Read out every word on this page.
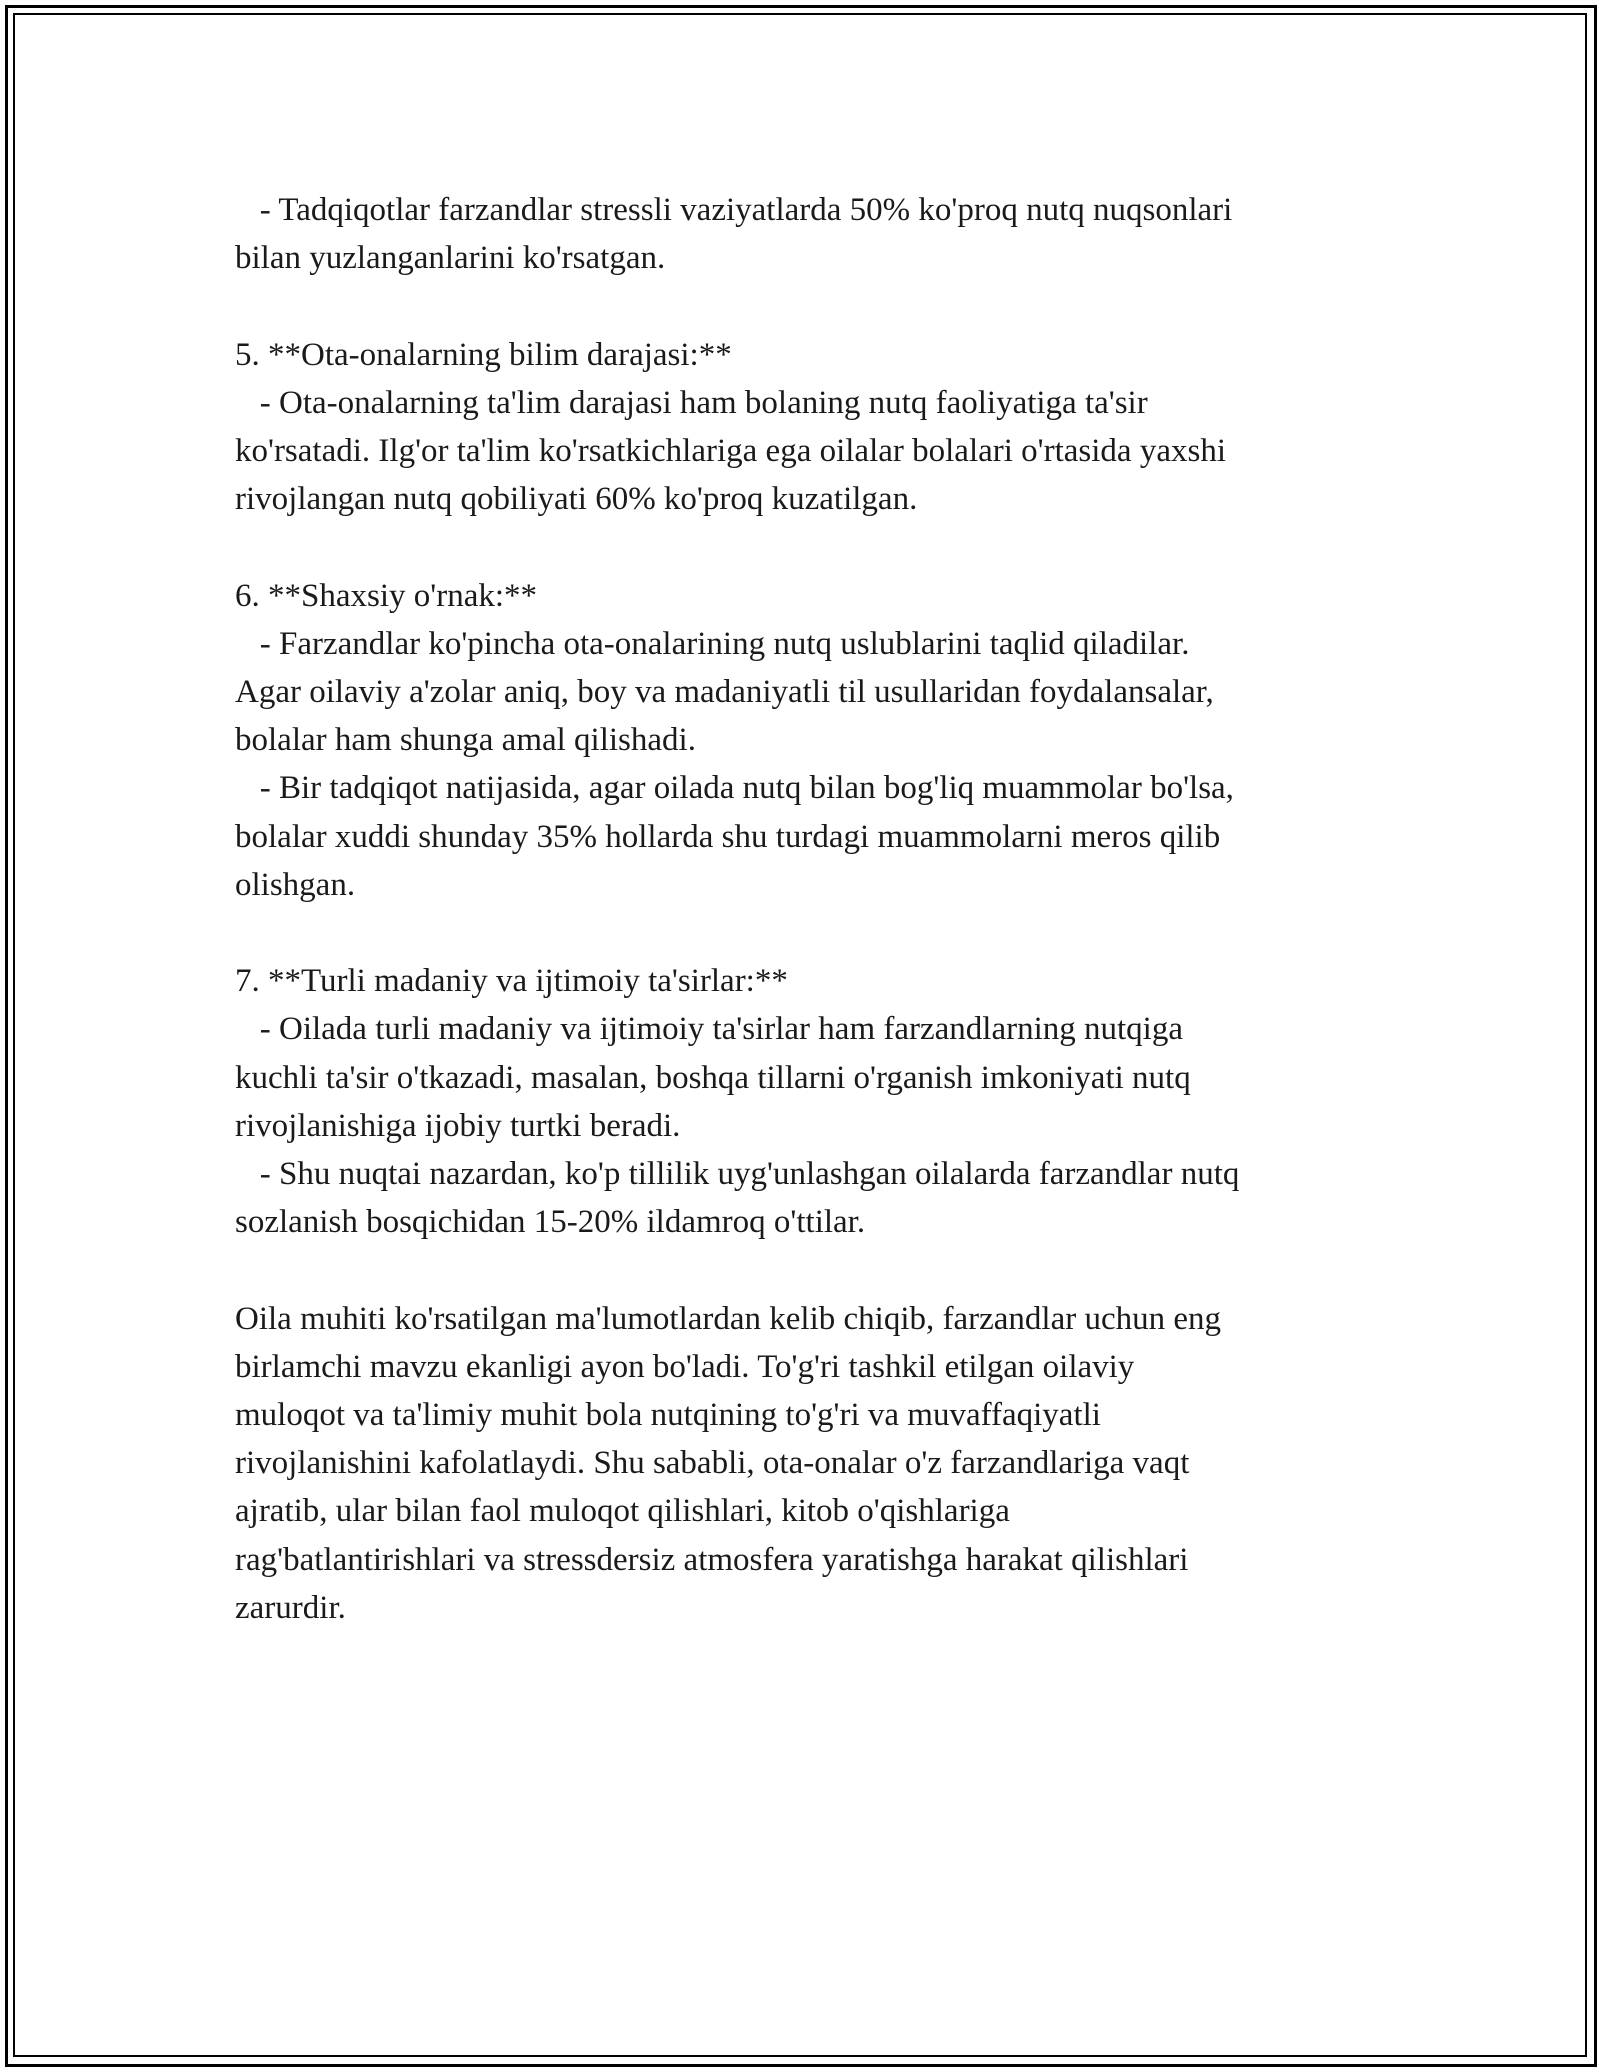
- Tadqiqotlar farzandlar stressli vaziyatlarda 50% ko'proq nutq nuqsonlari
bilan yuzlanganlarini ko'rsatgan.
5. **Ota-onalarning bilim darajasi:**
- Ota-onalarning ta'lim darajasi ham bolaning nutq faoliyatiga ta'sir
ko'rsatadi. Ilg'or ta'lim ko'rsatkichlariga ega oilalar bolalari o'rtasida yaxshi
rivojlangan nutq qobiliyati 60% ko'proq kuzatilgan.
6. **Shaxsiy o'rnak:**
- Farzandlar ko'pincha ota-onalarining nutq uslublarini taqlid qiladilar.
Agar oilaviy a'zolar aniq, boy va madaniyatli til usullaridan foydalansalar,
bolalar ham shunga amal qilishadi.
- Bir tadqiqot natijasida, agar oilada nutq bilan bog'liq muammolar bo'lsa,
bolalar xuddi shunday 35% hollarda shu turdagi muammolarni meros qilib
olishgan.
7. **Turli madaniy va ijtimoiy ta'sirlar:**
- Oilada turli madaniy va ijtimoiy ta'sirlar ham farzandlarning nutqiga
kuchli ta'sir o'tkazadi, masalan, boshqa tillarni o'rganish imkoniyati nutq
rivojlanishiga ijobiy turtki beradi.
- Shu nuqtai nazardan, ko'p tillilik uyg'unlashgan oilalarda farzandlar nutq
sozlanish bosqichidan 15-20% ildamroq o'ttilar.
Oila muhiti ko'rsatilgan ma'lumotlardan kelib chiqib, farzandlar uchun eng
birlamchi mavzu ekanligi ayon bo'ladi. To'g'ri tashkil etilgan oilaviy
muloqot va ta'limiy muhit bola nutqining to'g'ri va muvaffaqiyatli
rivojlanishini kafolatlaydi. Shu sababli, ota-onalar o'z farzandlariga vaqt
ajratib, ular bilan faol muloqot qilishlari, kitob o'qishlariga
rag'batlantirishlari va stressdersiz atmosfera yaratishga harakat qilishlari
zarurdir.
